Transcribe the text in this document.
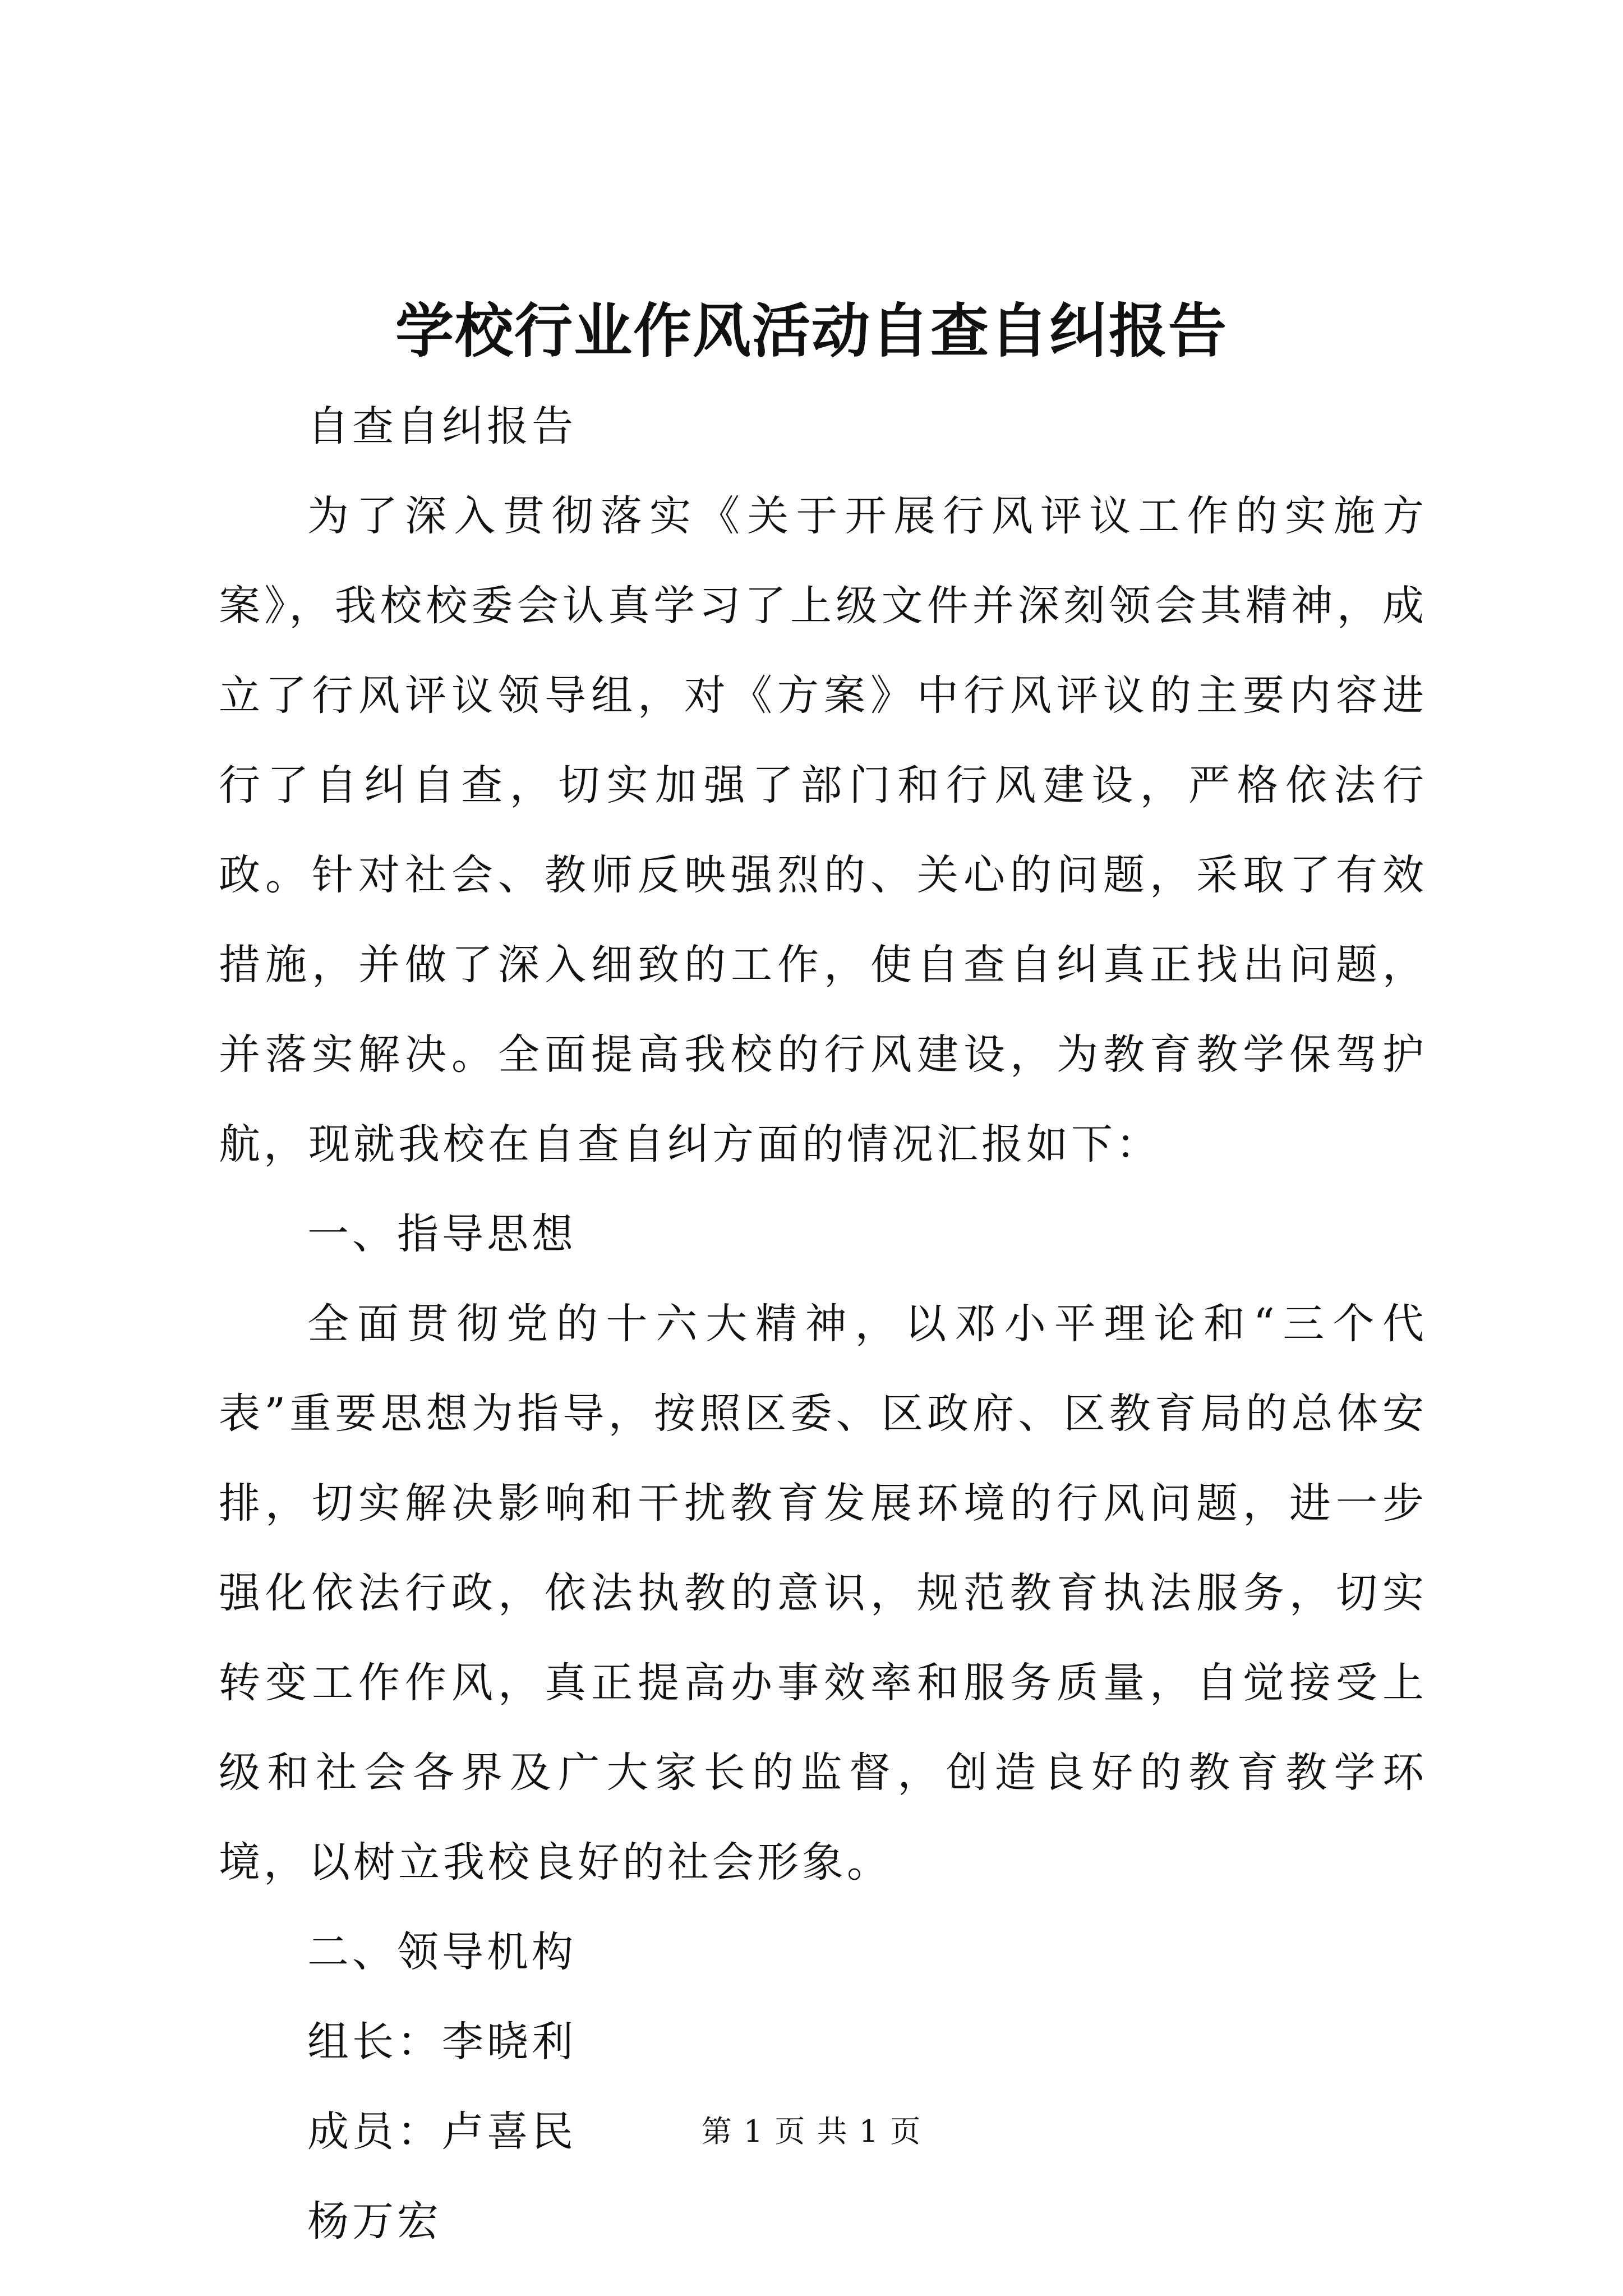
学校行业作风活动自查自纠报告

自查自纠报告

为了深入贯彻落实《关于开展行风评议工作的实施方案》，我校校委会认真学习了上级文件并深刻领会其精神，成立了行风评议领导组，对《方案》中行风评议的主要内容进行了自纠自查，切实加强了部门和行风建设，严格依法行政。针对社会、教师反映强烈的、关心的问题，采取了有效措施，并做了深入细致的工作，使自查自纠真正找出问题，并落实解决。全面提高我校的行风建设，为教育教学保驾护航，现就我校在自查自纠方面的情况汇报如下：

一、指导思想

全面贯彻党的十六大精神，以邓小平理论和“三个代表”重要思想为指导，按照区委、区政府、区教育局的总体安排，切实解决影响和干扰教育发展环境的行风问题，进一步强化依法行政，依法执教的意识，规范教育执法服务，切实转变工作作风，真正提高办事效率和服务质量，自觉接受上级和社会各界及广大家长的监督，创造良好的教育教学环境，以树立我校良好的社会形象。

二、领导机构

组长：李晓利

成员：卢喜民

杨万宏

第 1 页 共 1 页
